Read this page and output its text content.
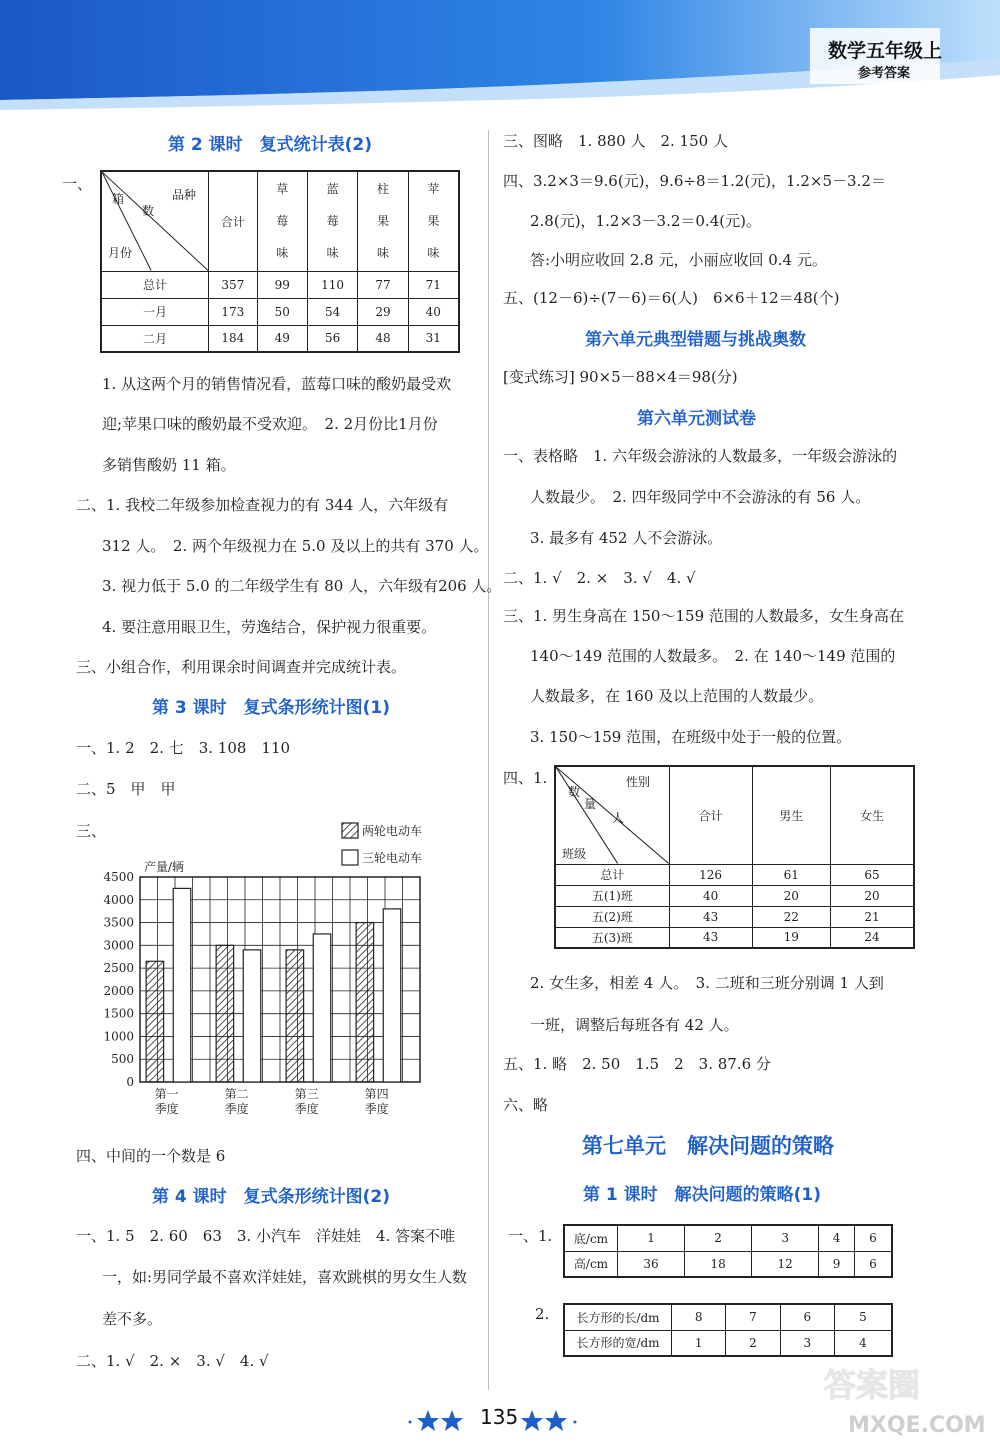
数学五年级上
参考答案
第 2 课时　复式统计表(2)
一、
品种
箱
数
月份	合计	草
莓
味	蓝
莓
味	柱
果
味	苹
果
味
总计	357	99	110	77	71
一月	173	50	54	29	40
二月	184	49	56	48	31
1. 从这两个月的销售情况看，蓝莓口味的酸奶最受欢
迎;苹果口味的酸奶最不受欢迎。　2. 2月份比1月份
多销售酸奶 11 箱。
二、1. 我校二年级参加检查视力的有 344 人，六年级有
312 人。　2. 两个年级视力在 5.0 及以上的共有 370 人。
3. 视力低于 5.0 的二年级学生有 80 人，六年级有206 人。
4. 要注意用眼卫生，劳逸结合，保护视力很重要。
三、小组合作，利用课余时间调查并完成统计表。
第 3 课时　复式条形统计图(1)
一、1. 2　2. 七　3. 108　110
二、5　甲　甲
三、
0
500
1000
1500
2000
2500
3000
3500
4000
4500
产量/辆
第一
季度
第二
季度
第三
季度
第四
季度
两轮电动车
三轮电动车
四、中间的一个数是 6
第 4 课时　复式条形统计图(2)
一、1. 5　2. 60　63　3. 小汽车　洋娃娃　4. 答案不唯
一，如:男同学最不喜欢洋娃娃，喜欢跳棋的男女生人数
差不多。
二、1. √　2. ×　3. √　4. √
三、图略　1. 880 人　2. 150 人
四、3.2×3＝9.6(元)，9.6÷8＝1.2(元)，1.2×5－3.2＝
2.8(元)，1.2×3－3.2＝0.4(元)。
答:小明应收回 2.8 元，小丽应收回 0.4 元。
五、(12－6)÷(7－6)＝6(人)　6×6＋12＝48(个)
第六单元典型错题与挑战奥数
[变式练习] 90×5－88×4＝98(分)
第六单元测试卷
一、表格略　1. 六年级会游泳的人数最多，一年级会游泳的
人数最少。　2. 四年级同学中不会游泳的有 56 人。
3. 最多有 452 人不会游泳。
二、1. √　2. ×　3. √　4. √
三、1. 男生身高在 150～159 范围的人数最多，女生身高在
140～149 范围的人数最多。　2. 在 140～149 范围的
人数最多，在 160 及以上范围的人数最少。
3. 150～159 范围，在班级中处于一般的位置。
四、1.	性别
数
量
人
班级	合计	男生	女生
总计	126	61	65
五(1)班	40	20	20
五(2)班	43	22	21
五(3)班	43	19	24
2. 女生多，相差 4 人。　3. 二班和三班分别调 1 人到
一班，调整后每班各有 42 人。
五、1. 略　2. 50　1.5　2　3. 87.6 分
六、略
第七单元　解决问题的策略
第 1 课时　解决问题的策略(1)
一、1. 底/cm	1	2	3	4	6
高/cm	36	18	12	9	6
2. 长方形的长/dm	8	7	6	5
长方形的宽/dm	1	2	3	4
135
答案圈
MXQE.COM
